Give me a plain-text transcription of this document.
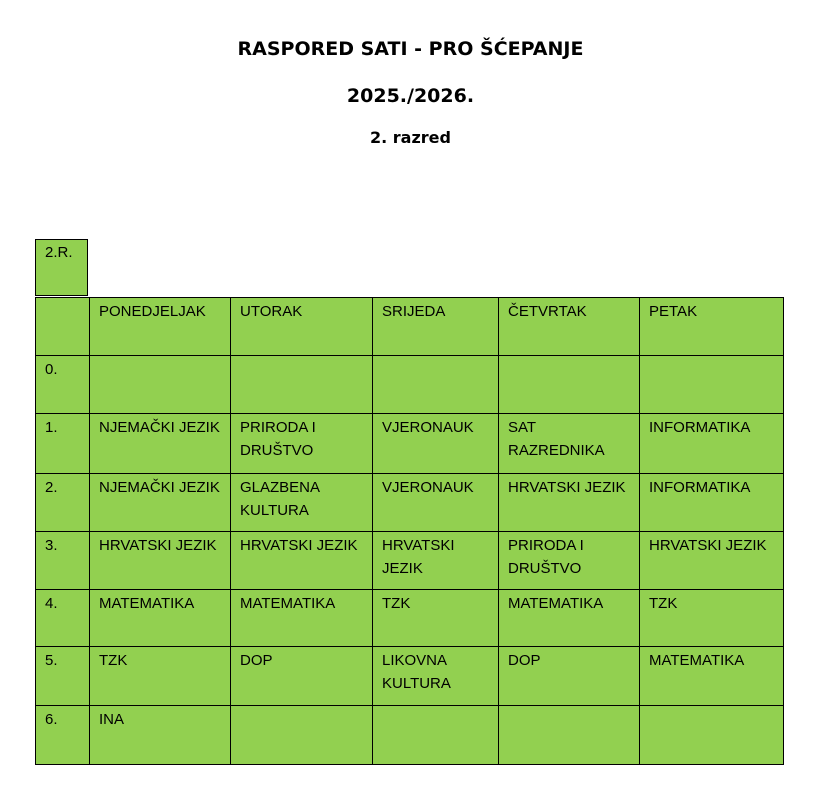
RASPORED SATI - PRO ŠĆEPANJE
2025./2026.
2. razred
2.R.
	PONEDJELJAK	UTORAK	SRIJEDA	ČETVRTAK	PETAK
0.					
1.	NJEMAČKI JEZIK	PRIRODA I DRUŠTVO	VJERONAUK	SAT RAZREDNIKA	INFORMATIKA
2.	NJEMAČKI JEZIK	GLAZBENA KULTURA	VJERONAUK	HRVATSKI JEZIK	INFORMATIKA
3.	HRVATSKI JEZIK	HRVATSKI JEZIK	HRVATSKI JEZIK	PRIRODA I DRUŠTVO	HRVATSKI JEZIK
4.	MATEMATIKA	MATEMATIKA	TZK	MATEMATIKA	TZK
5.	TZK	DOP	LIKOVNA KULTURA	DOP	MATEMATIKA
6.	INA				
